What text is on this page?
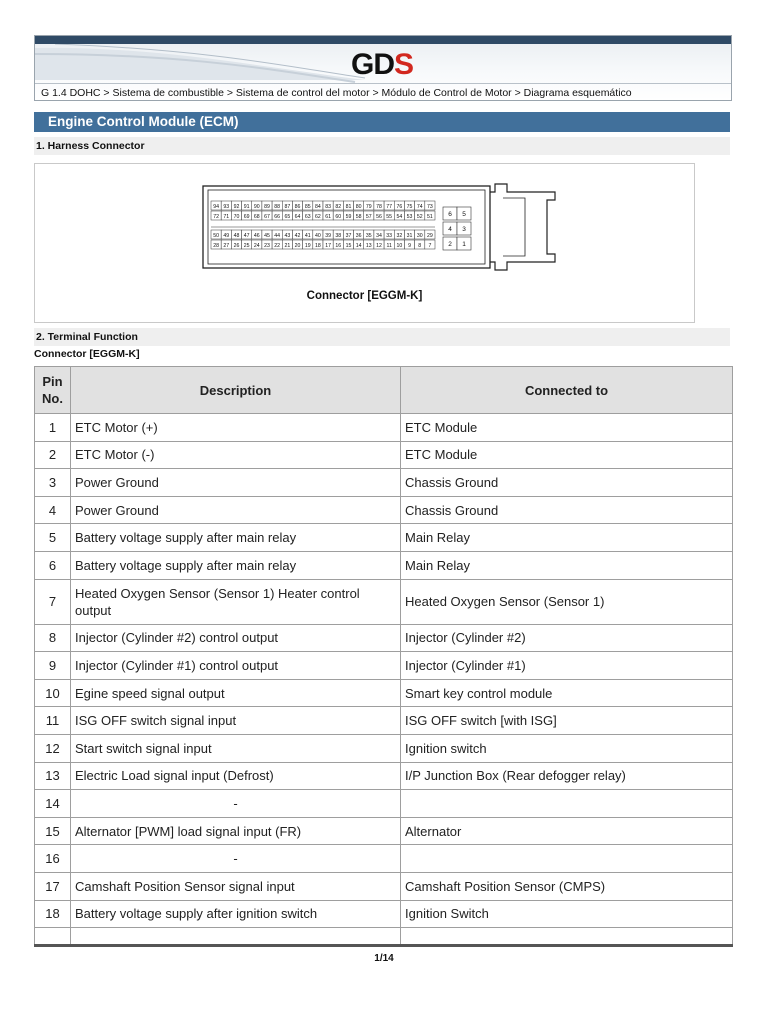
GDS
G 1.4 DOHC > Sistema de combustible > Sistema de control del motor > Módulo de Control de Motor > Diagrama esquemático
Engine Control Module (ECM)
1. Harness Connector
94 93 92 91 90 89 88 87 86 85 84 83 82 81 80 79 78 77 76 75 74 73
72 71 70 69 68 67 66 65 64 63 62 61 60 59 58 57 56 55 54 53 52 51
50 49 48 47 46 45 44 43 42 41 40 39 38 37 36 35 34 33 32 31 30 29
28 27 26 25 24 23 22 21 20 19 18 17 16 15 14 13 12 11 10 9 8 7
6 5
4 3
2 1
Connector [EGGM-K]
2. Terminal Function
Connector [EGGM-K]
Pin No.	Description	Connected to
1	ETC Motor (+)	ETC Module
2	ETC Motor (-)	ETC Module
3	Power Ground	Chassis Ground
4	Power Ground	Chassis Ground
5	Battery voltage supply after main relay	Main Relay
6	Battery voltage supply after main relay	Main Relay
7	Heated Oxygen Sensor (Sensor 1) Heater control output	Heated Oxygen Sensor (Sensor 1)
8	Injector (Cylinder #2) control output	Injector (Cylinder #2)
9	Injector (Cylinder #1) control output	Injector (Cylinder #1)
10	Egine speed signal output	Smart key control module
11	ISG OFF switch signal input	ISG OFF switch [with ISG]
12	Start switch signal input	Ignition switch
13	Electric Load signal input (Defrost)	I/P Junction Box (Rear defogger relay)
14	-	
15	Alternator [PWM] load signal input (FR)	Alternator
16	-	
17	Camshaft Position Sensor signal input	Camshaft Position Sensor (CMPS)
18	Battery voltage supply after ignition switch	Ignition Switch

1/14
